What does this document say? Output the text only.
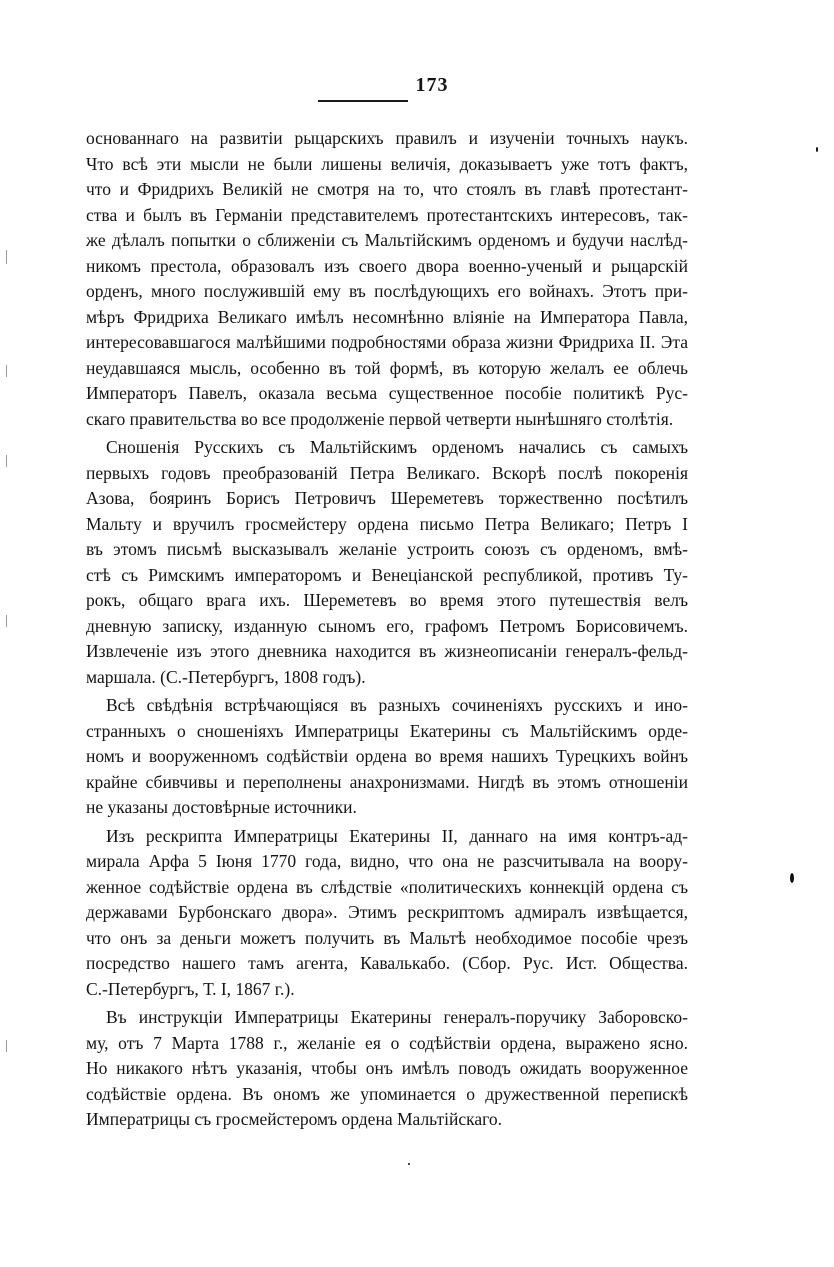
173
основаннаго на развитіи рыцарскихъ правилъ и изученіи точныхъ наукъ.
Что всѣ эти мысли не были лишены величія, доказываетъ уже тотъ фактъ,
что и Фридрихъ Великій не смотря на то, что стоялъ въ главѣ протестант-
ства и былъ въ Германіи представителемъ протестантскихъ интересовъ, так-
же дѣлалъ попытки о сближеніи съ Мальтійскимъ орденомъ и будучи наслѣд-
никомъ престола, образовалъ изъ своего двора военно-ученый и рыцарскій
орденъ, много послужившій ему въ послѣдующихъ его войнахъ. Этотъ при-
мѣръ Фридриха Великаго имѣлъ несомнѣнно вліяніе на Императора Павла,
интересовавшагося малѣйшими подробностями образа жизни Фридриха II. Эта
неудавшаяся мысль, особенно въ той формѣ, въ которую желалъ ее облечь
Императоръ Павелъ, оказала весьма существенное пособіе политикѣ Рус-
скаго правительства во все продолженіе первой четверти нынѣшняго столѣтія.
Сношенія Русскихъ съ Мальтійскимъ орденомъ начались съ самыхъ
первыхъ годовъ преобразованій Петра Великаго. Вскорѣ послѣ покоренія
Азова, бояринъ Борисъ Петровичъ Шереметевъ торжественно посѣтилъ
Мальту и вручилъ гросмейстеру ордена письмо Петра Великаго; Петръ I
въ этомъ письмѣ высказывалъ желаніе устроить союзъ съ орденомъ, вмѣ-
стѣ съ Римскимъ императоромъ и Венеціанской республикой, противъ Ту-
рокъ, общаго врага ихъ. Шереметевъ во время этого путешествія велъ
дневную записку, изданную сыномъ его, графомъ Петромъ Борисовичемъ.
Извлеченіе изъ этого дневника находится въ жизнеописаніи генералъ-фельд-
маршала. (С.-Петербургъ, 1808 годъ).
Всѣ свѣдѣнія встрѣчающіяся въ разныхъ сочиненіяхъ русскихъ и ино-
странныхъ о сношеніяхъ Императрицы Екатерины съ Мальтійскимъ орде-
номъ и вооруженномъ содѣйствіи ордена во время нашихъ Турецкихъ войнъ
крайне сбивчивы и переполнены анахронизмами. Нигдѣ въ этомъ отношеніи
не указаны достовѣрные источники.
Изъ рескрипта Императрицы Екатерины II, даннаго на имя контръ-ад-
мирала Арфа 5 Іюня 1770 года, видно, что она не разсчитывала на воору-
женное содѣйствіе ордена въ слѣдствіе «политическихъ коннекцій ордена съ
державами Бурбонскаго двора». Этимъ рескриптомъ адмиралъ извѣщается,
что онъ за деньги можетъ получить въ Мальтѣ необходимое пособіе чрезъ
посредство нашего тамъ агента, Кавалькабо. (Сбор. Рус. Ист. Общества.
С.-Петербургъ, Т. I, 1867 г.).
Въ инструкціи Императрицы Екатерины генералъ-поручику Заборовско-
му, отъ 7 Марта 1788 г., желаніе ея о содѣйствіи ордена, выражено ясно.
Но никакого нѣтъ указанія, чтобы онъ имѣлъ поводъ ожидать вооруженное
содѣйствіе ордена. Въ ономъ же упоминается о дружественной перепискѣ
Императрицы съ гросмейстеромъ ордена Мальтійскаго.
